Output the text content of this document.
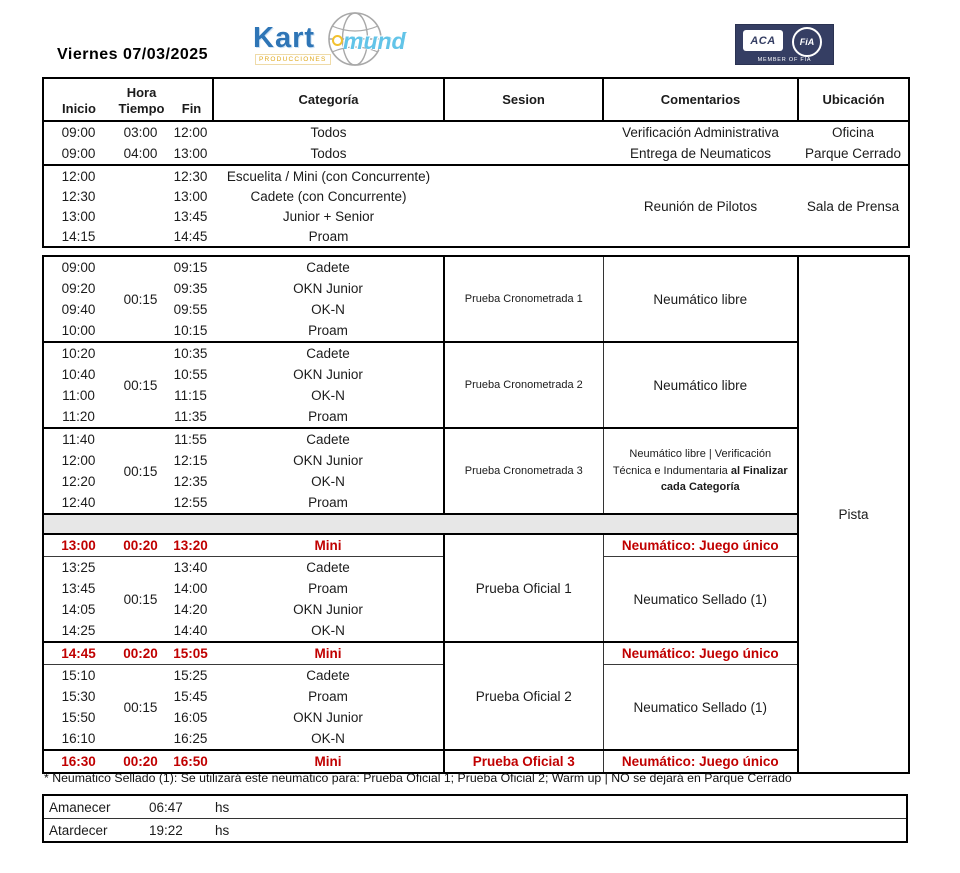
Viernes 07/03/2025
Kart mund
PRODUCCIONES
ACA	FiA
MEMBER OF FIA
Hora
Inicio Tiempo Fin			Categoría	Sesion	Comentarios	Ubicación
09:00	03:00	12:00	Todos		Verificación Administrativa	Oficina
09:00	04:00	13:00	Todos		Entrega de Neumaticos	Parque Cerrado
12:00		12:30	Escuelita / Mini (con Concurrente)		Reunión de Pilotos	Sala de Prensa
12:30		13:00	Cadete (con Concurrente)			
13:00		13:45	Junior + Senior			
14:15		14:45	Proam			
09:00	00:15	09:15	Cadete	Prueba Cronometrada 1	Neumático libre	Pista
09:20		09:35	OKN Junior			
09:40		09:55	OK-N			
10:00		10:15	Proam			
10:20	00:15	10:35	Cadete	Prueba Cronometrada 2	Neumático libre	
10:40		10:55	OKN Junior			
11:00		11:15	OK-N			
11:20		11:35	Proam			
11:40	00:15	11:55	Cadete	Prueba Cronometrada 3	Neumático libre | Verificación Técnica e Indumentaria al Finalizar cada Categoría	
12:00		12:15	OKN Junior			
12:20		12:35	OK-N			
12:40		12:55	Proam			

13:00	00:20	13:20	Mini	Prueba Oficial 1	Neumático: Juego único	
13:25	00:15	13:40	Cadete		Neumatico Sellado (1)	
13:45		14:00	Proam			
14:05		14:20	OKN Junior			
14:25		14:40	OK-N			
14:45	00:20	15:05	Mini	Prueba Oficial 2	Neumático: Juego único	
15:10	00:15	15:25	Cadete		Neumatico Sellado (1)	
15:30		15:45	Proam			
15:50		16:05	OKN Junior			
16:10		16:25	OK-N			
16:30	00:20	16:50	Mini	Prueba Oficial 3	Neumático: Juego único	
* Neumatico Sellado (1): Se utilizará este neumatico para: Prueba Oficial 1; Prueba Oficial 2; Warm up | NO se dejará en Parque Cerrado
Amanecer	06:47	hs	
Atardecer	19:22	hs	
